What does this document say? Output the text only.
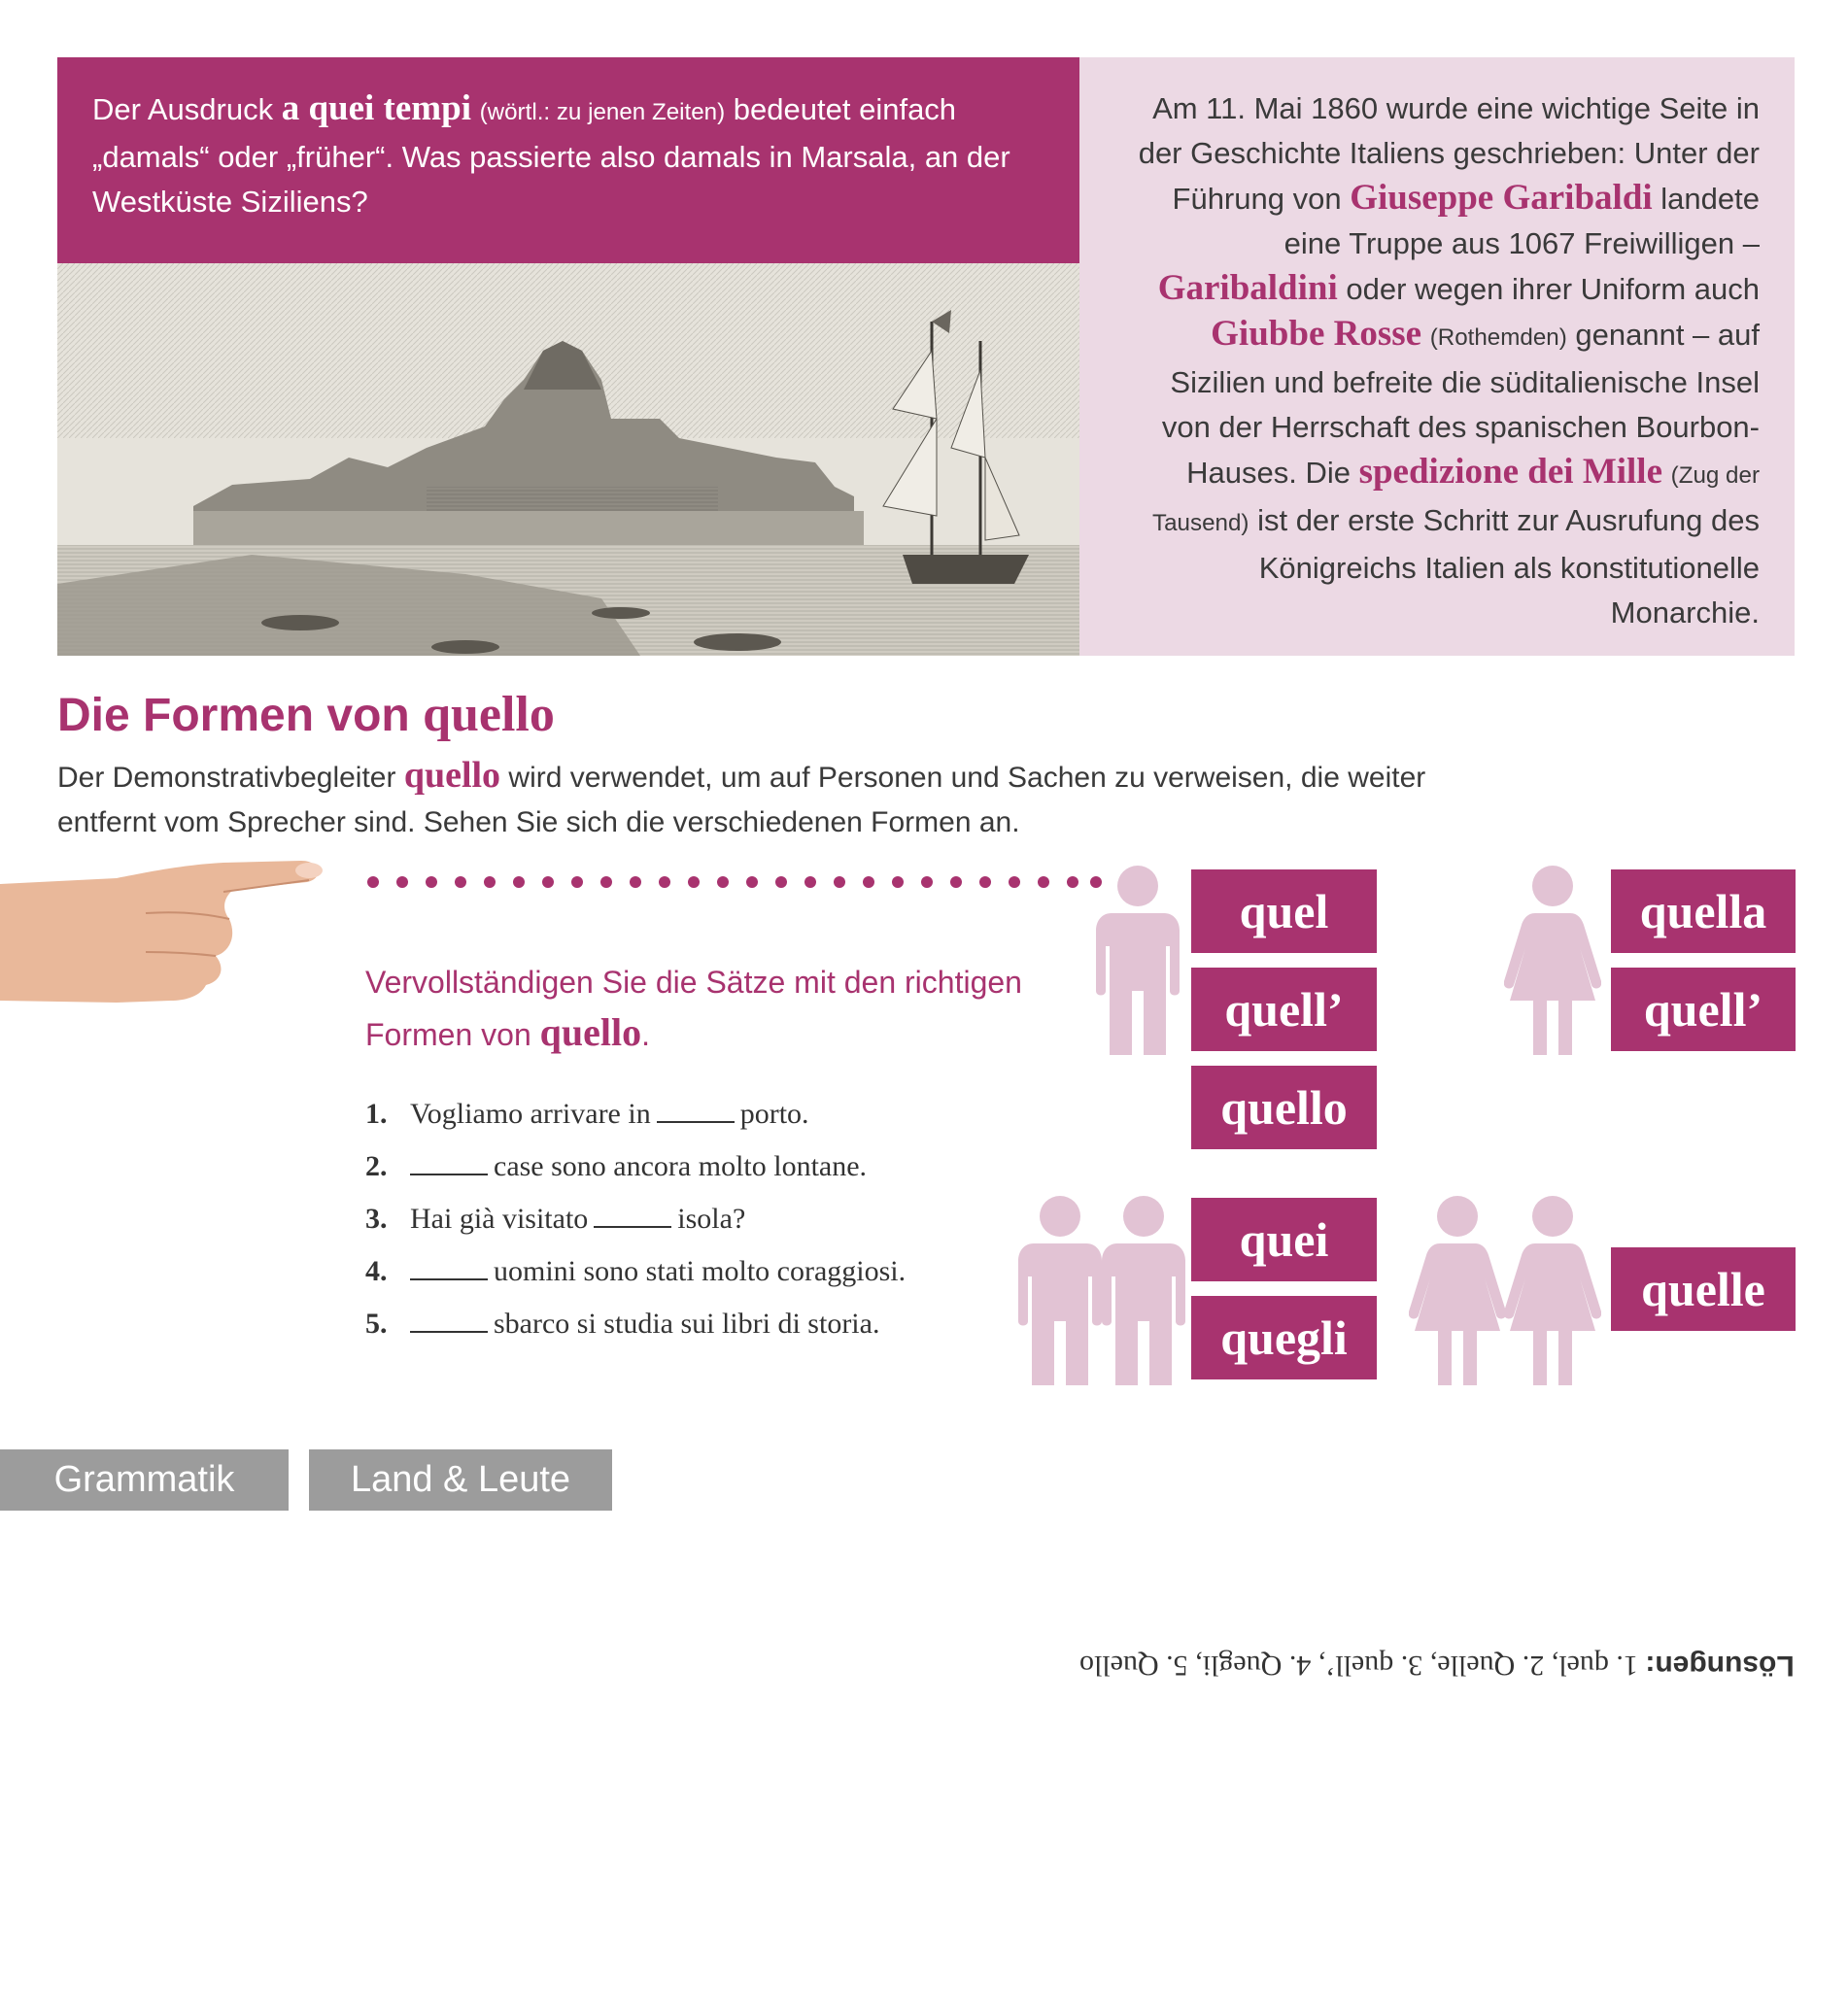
Der Ausdruck a quei tempi (wörtl.: zu jenen Zeiten) bedeutet einfach „damals“ oder „früher“. Was passierte also damals in Marsala, an der Westküste Siziliens?
Am 11. Mai 1860 wurde eine wichtige Seite in der Geschichte Italiens geschrieben: Unter der Führung von Giuseppe Garibaldi landete eine Truppe aus 1067 Freiwilligen – Garibaldini oder wegen ihrer Uniform auch Giubbe Rosse (Rothemden) genannt – auf Sizilien und befreite die süditalienische Insel von der Herrschaft des spanischen Bourbon-Hauses. Die spedizione dei Mille (Zug der Tausend) ist der erste Schritt zur Ausrufung des Königreichs Italien als konstitutionelle Monarchie.
Die Formen von quello
Der Demonstrativbegleiter quello wird verwendet, um auf Personen und Sachen zu verweisen, die weiter entfernt vom Sprecher sind. Sehen Sie sich die verschiedenen Formen an.
Vervollständigen Sie die Sätze mit den richtigen Formen von quello.
1. Vogliamo arrivare in	porto.
2.	case sono ancora molto lontane.
3. Hai già visitato	isola?
4.	uomini sono stati molto coraggiosi.
5.	sbarco si studia sui libri di storia.
quel
quell’
quello
quella
quell’
quei
quegli
quelle
Grammatik	Land & Leute
Lösungen: 1. quel, 2. Quelle, 3. quell’, 4. Quegli, 5. Quello
